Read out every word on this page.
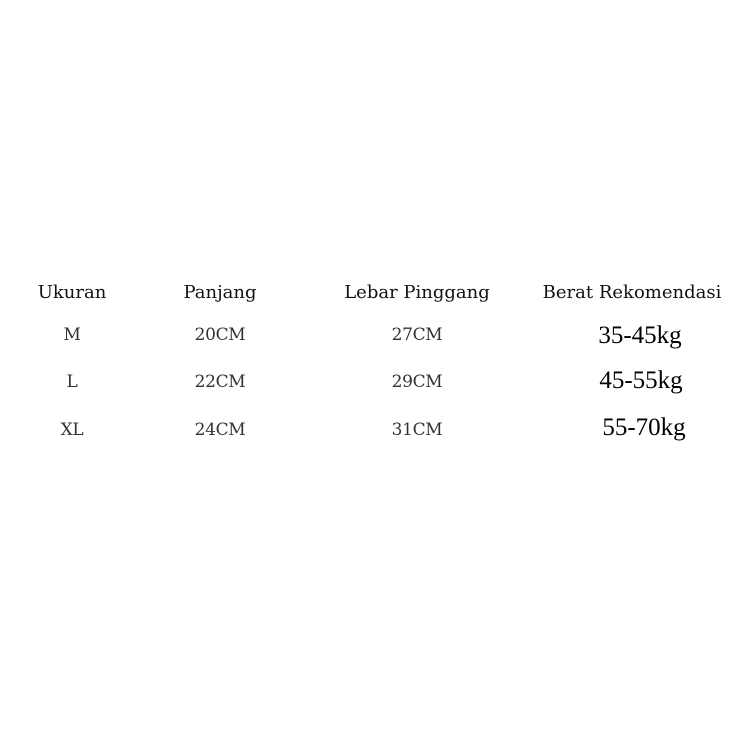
Ukuran	Panjang	Lebar Pinggang	Berat Rekomendasi
M	20CM	27CM	35-45kg
L	22CM	29CM	45-55kg
XL	24CM	31CM	55-70kg
